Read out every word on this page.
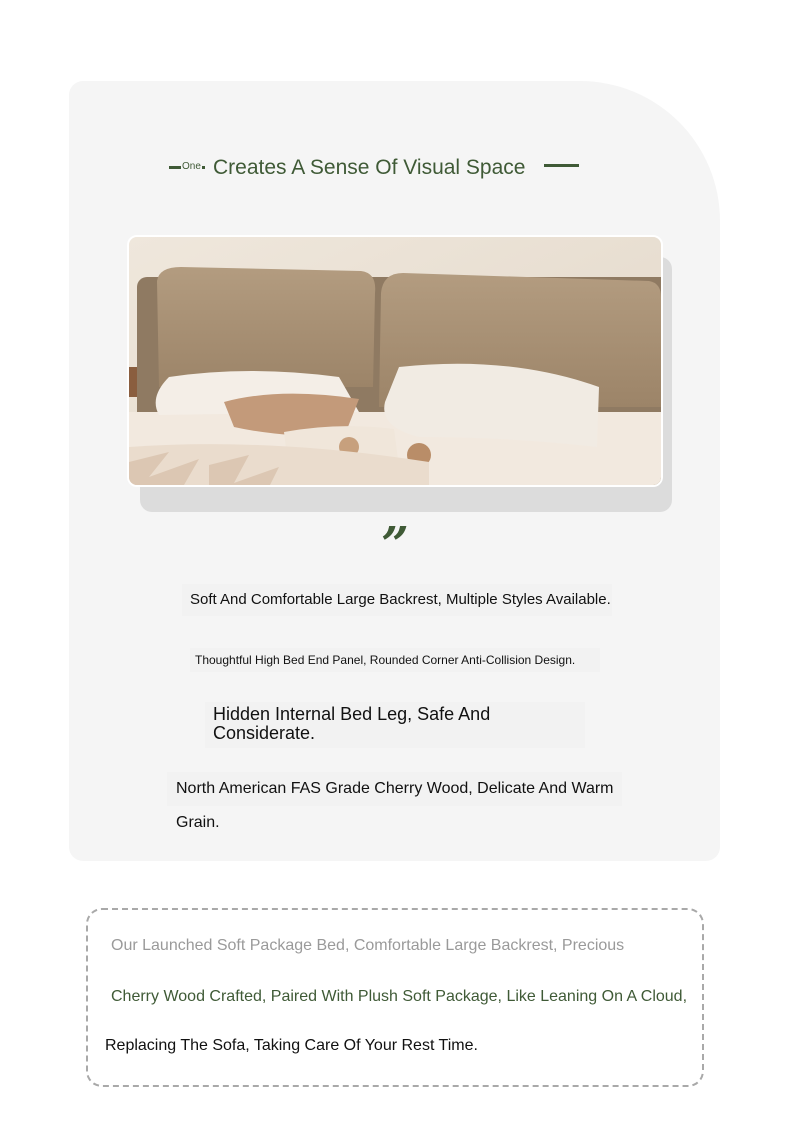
One Creates A Sense Of Visual Space
”
Soft And Comfortable Large Backrest, Multiple Styles Available.
Thoughtful High Bed End Panel, Rounded Corner Anti-Collision Design.
Hidden Internal Bed Leg, Safe And Considerate.
North American FAS Grade Cherry Wood, Delicate And Warm Grain.
Our Launched Soft Package Bed, Comfortable Large Backrest, Precious
Cherry Wood Crafted, Paired With Plush Soft Package, Like Leaning On A Cloud,
Replacing The Sofa, Taking Care Of Your Rest Time.
